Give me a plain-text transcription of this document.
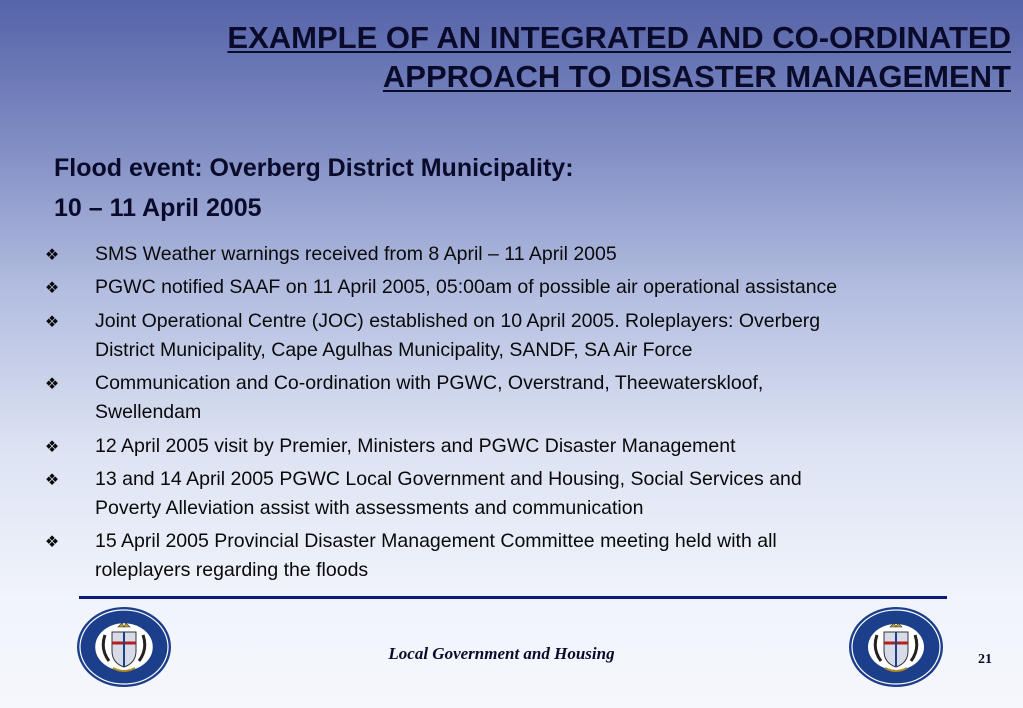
EXAMPLE OF AN INTEGRATED AND CO-ORDINATED
APPROACH TO DISASTER MANAGEMENT
Flood event: Overberg District Municipality:
10 – 11 April 2005
❖ SMS Weather warnings received from 8 April – 11 April 2005
❖ PGWC notified SAAF on 11 April 2005, 05:00am of possible air operational assistance
❖ Joint Operational Centre (JOC) established on 10 April 2005. Roleplayers: Overberg
District Municipality, Cape Agulhas Municipality, SANDF, SA Air Force
❖ Communication and Co-ordination with PGWC, Overstrand, Theewaterskloof,
Swellendam
❖ 12 April 2005 visit by Premier, Ministers and PGWC Disaster Management
❖ 13 and 14 April 2005 PGWC Local Government and Housing, Social Services and
Poverty Alleviation assist with assessments and communication
❖ 15 April 2005 Provincial Disaster Management Committee meeting held with all
roleplayers regarding the floods
Local Government and Housing	21
